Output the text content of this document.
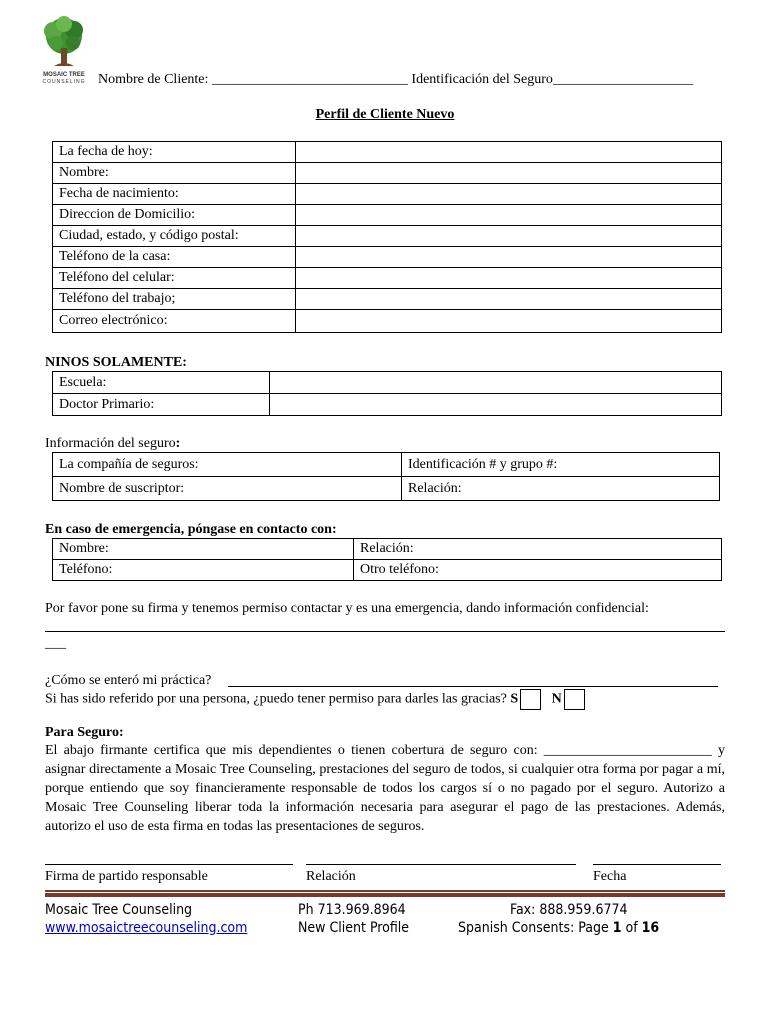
MOSAIC TREE
COUNSELING Nombre de Cliente: ____________________________ Identificación del Seguro____________________
Perfil de Cliente Nuevo
La fecha de hoy:	
Nombre:	
Fecha de nacimiento:	
Direccion de Domicilio:	
Ciudad, estado, y código postal:	
Teléfono de la casa:	
Teléfono del celular:	
Teléfono del trabajo;	
Correo electrónico:	
NINOS SOLAMENTE:
Escuela:	
Doctor Primario:	
Información del seguro:
La compañía de seguros:	Identificación # y grupo #:
Nombre de suscriptor:	Relación:
En caso de emergencia, póngase en contacto con:
Nombre:	Relación:
Teléfono:	Otro teléfono:
Por favor pone su firma y tenemos permiso contactar y es una emergencia, dando información confidencial:
___
¿Cómo se enteró mi práctica?
Si has sido referido por una persona, ¿puedo tener permiso para darles las gracias? S N
Para Seguro:
El abajo firmante certifica que mis dependientes o tienen cobertura de seguro con: ________________________ y asignar directamente a Mosaic Tree Counseling, prestaciones del seguro de todos, si cualquier otra forma por pagar a mí, porque entiendo que soy financieramente responsable de todos los cargos sí o no pagado por el seguro. Autorizo a Mosaic Tree Counseling liberar toda la información necesaria para asegurar el pago de las prestaciones. Además, autorizo el uso de esta firma en todas las presentaciones de seguros.
Firma de partido responsable	Relación	Fecha
Mosaic Tree Counseling
www.mosaictreecounseling.com
Ph 713.969.8964
New Client Profile
Fax: 888.959.6774
Spanish Consents: Page 1 of 16
